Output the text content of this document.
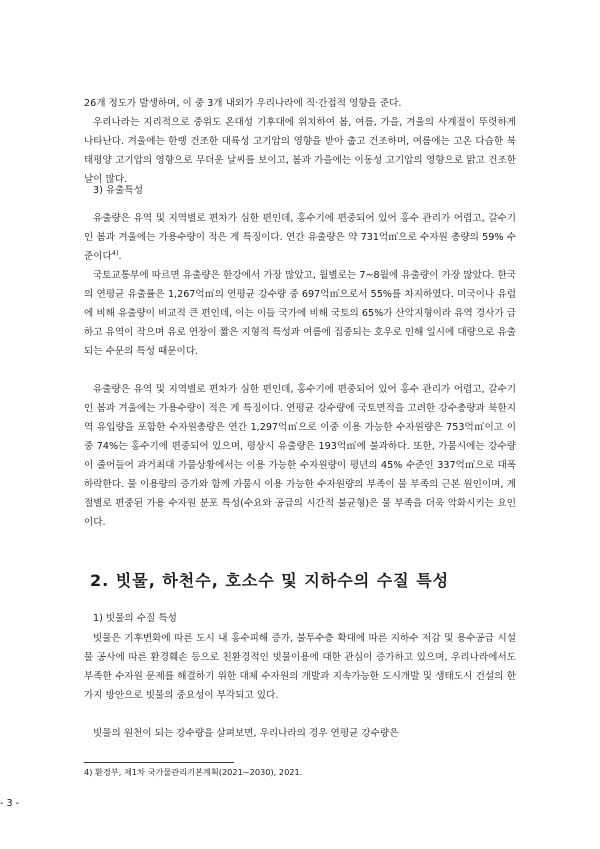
26개 정도가 발생하며, 이 중 3개 내외가 우리나라에 직·간접적 영향을 준다.

우리나라는 지리적으로 중위도 온대성 기후대에 위치하여 봄, 여름, 가을, 겨울의 사계절이 뚜렷하게 나타난다. 겨울에는 한랭 건조한 대륙성 고기압의 영향을 받아 춥고 건조하며, 여름에는 고온 다습한 북태평양 고기압의 영향으로 무더운 날씨를 보이고, 봄과 가을에는 이동성 고기압의 영향으로 맑고 건조한 날이 많다.

3) 유출특성

유출량은 유역 및 지역별로 편차가 심한 편인데, 홍수기에 편중되어 있어 홍수 관리가 어렵고, 갈수기인 봄과 겨울에는 가용수량이 적은 게 특징이다. 연간 유출량은 약 731억㎥으로 수자원 총량의 59% 수준이다$^{4)}$.

국토교통부에 따르면 유출량은 한강에서 가장 많았고, 월별로는 7~8월에 유출량이 가장 많았다. 한국의 연평균 유출률은 1,267억㎥의 연평균 강수량 중 697억㎥으로서 55%를 차지하였다. 미국이나 유럽에 비해 유출량이 비교적 큰 편인데, 이는 이들 국가에 비해 국토의 65%가 산악지형이라 유역 경사가 급하고 유역이 작으며 유로 연장이 짧은 지형적 특성과 여름에 집중되는 호우로 인해 일시에 대량으로 유출되는 수문의 특성 때문이다.

유출량은 유역 및 지역별로 편차가 심한 편인데, 홍수기에 편중되어 있어 홍수 관리가 어렵고, 갈수기인 봄과 겨울에는 가용수량이 적은 게 특징이다. 연평균 강수량에 국토면적을 고려한 강수총량과 북한지역 유입량을 포함한 수자원총량은 연간 1,297억㎥으로 이중 이용 가능한 수자원량은 753억㎥이고 이 중 74%는 홍수기에 편중되어 있으며, 평상시 유출량은 193억㎥에 불과하다. 또한, 가뭄시에는 강수량이 줄어들어 과거최대 가뭄상황에서는 이용 가능한 수자원량이 평년의 45% 수준인 337억㎥으로 대폭 하락한다. 물 이용량의 증가와 함께 가뭄시 이용 가능한 수자원량의 부족이 물 부족의 근본 원인이며, 계절별로 편중된 가용 수자원 분포 특성(수요와 공급의 시간적 불균형)은 물 부족을 더욱 악화시키는 요인이다.

2. 빗물, 하천수, 호소수 및 지하수의 수질 특성

1) 빗물의 수질 특성

빗물은 기후변화에 따른 도시 내 홍수피해 증가, 불투수층 확대에 따른 지하수 저감 및 용수공급 시설물 공사에 따른 환경훼손 등으로 친환경적인 빗물이용에 대한 관심이 증가하고 있으며, 우리나라에서도 부족한 수자원 문제를 해결하기 위한 대체 수자원의 개발과 지속가능한 도시개발 및 생태도시 건설의 한 가지 방안으로 빗물의 중요성이 부각되고 있다.

빗물의 원천이 되는 강수량을 살펴보면, 우리나라의 경우 연평균 강수량은

4) 환경부, 제1차 국가물관리기본계획(2021~2030), 2021.

- 3 -
